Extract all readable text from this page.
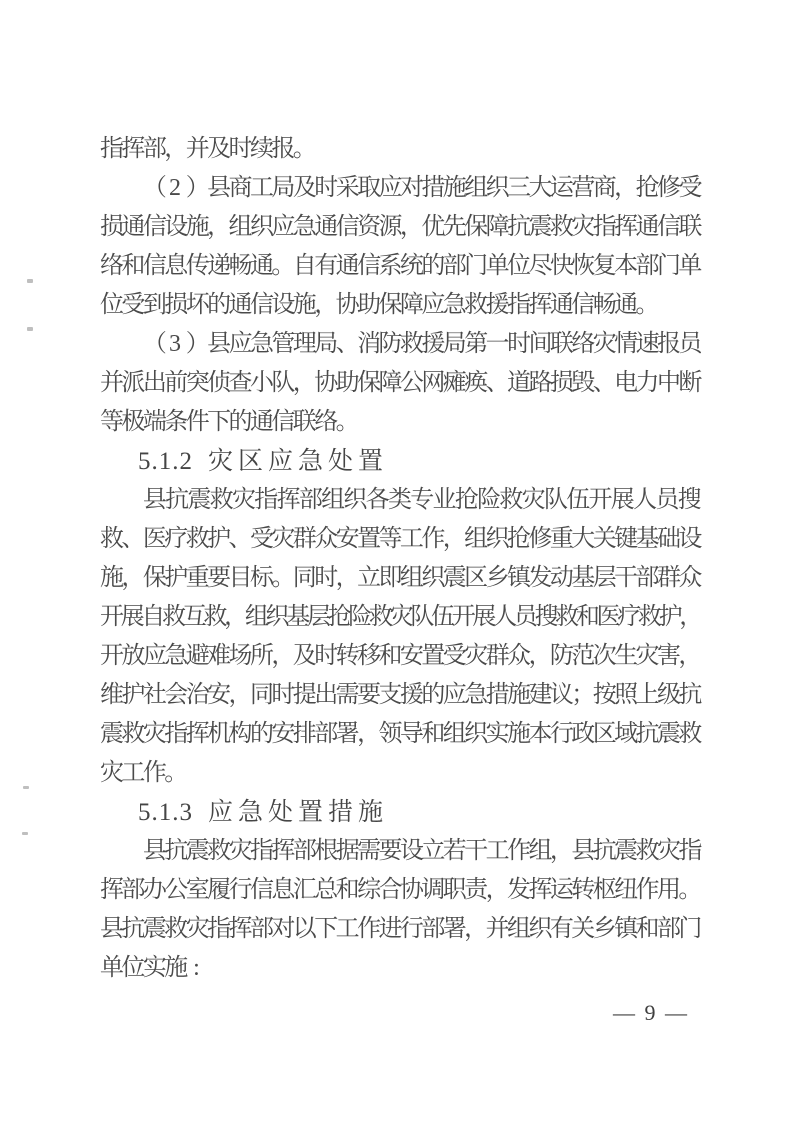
指挥部，并及时续报。
（ 2 ）
县
商
工
局
及
时
采
取
应
对
措
施
组
织
三
大
运
营
商
，
抢
修
受
损
通
信
设
施
，
组
织
应
急
通
信
资
源
，
优
先
保
障
抗
震
救
灾
指
挥
通
信
联
络
和
信
息
传
递
畅
通
。
自
有
通
信
系
统
的
部
门
单
位
尽
快
恢
复
本
部
门
单
位受到损坏的通信设施，协助保障应急救援指挥通信畅通。
（ 3 ）
县
应
急
管
理
局
、
消
防
救
援
局
第
一
时
间
联
络
灾
情
速
报
员
并
派
出
前
突
侦
查
小
队
，
协
助
保
障
公
网
瘫
痪
、
道
路
损
毁
、
电
力
中
断
等极端条件下的通信联络。
5.1.2 灾区应急处置
县
抗
震
救
灾
指
挥
部
组
织
各
类
专
业
抢
险
救
灾
队
伍
开
展
人
员
搜
救
、
医
疗
救
护
、
受
灾
群
众
安
置
等
工
作
，
组
织
抢
修
重
大
关
键
基
础
设
施
，
保
护
重
要
目
标
。
同
时
，
立
即
组
织
震
区
乡
镇
发
动
基
层
干
部
群
众
开
展
自
救
互
救
，
组
织
基
层
抢
险
救
灾
队
伍
开
展
人
员
搜
救
和
医
疗
救
护
，
开
放
应
急
避
难
场
所
，
及
时
转
移
和
安
置
受
灾
群
众
，
防
范
次
生
灾
害
，
维
护
社
会
治
安
，
同
时
提
出
需
要
支
援
的
应
急
措
施
建
议
；
按
照
上
级
抗
震
救
灾
指
挥
机
构
的
安
排
部
署
，
领
导
和
组
织
实
施
本
行
政
区
域
抗
震
救
灾工作。
5.1.3 应急处置措施
县
抗
震
救
灾
指
挥
部
根
据
需
要
设
立
若
干
工
作
组
，
县
抗
震
救
灾
指
挥
部
办
公
室
履
行
信
息
汇
总
和
综
合
协
调
职
责
，
发
挥
运
转
枢
纽
作
用
。
县
抗
震
救
灾
指
挥
部
对
以
下
工
作
进
行
部
署
，
并
组
织
有
关
乡
镇
和
部
门
单位实施 :
— 9 —
